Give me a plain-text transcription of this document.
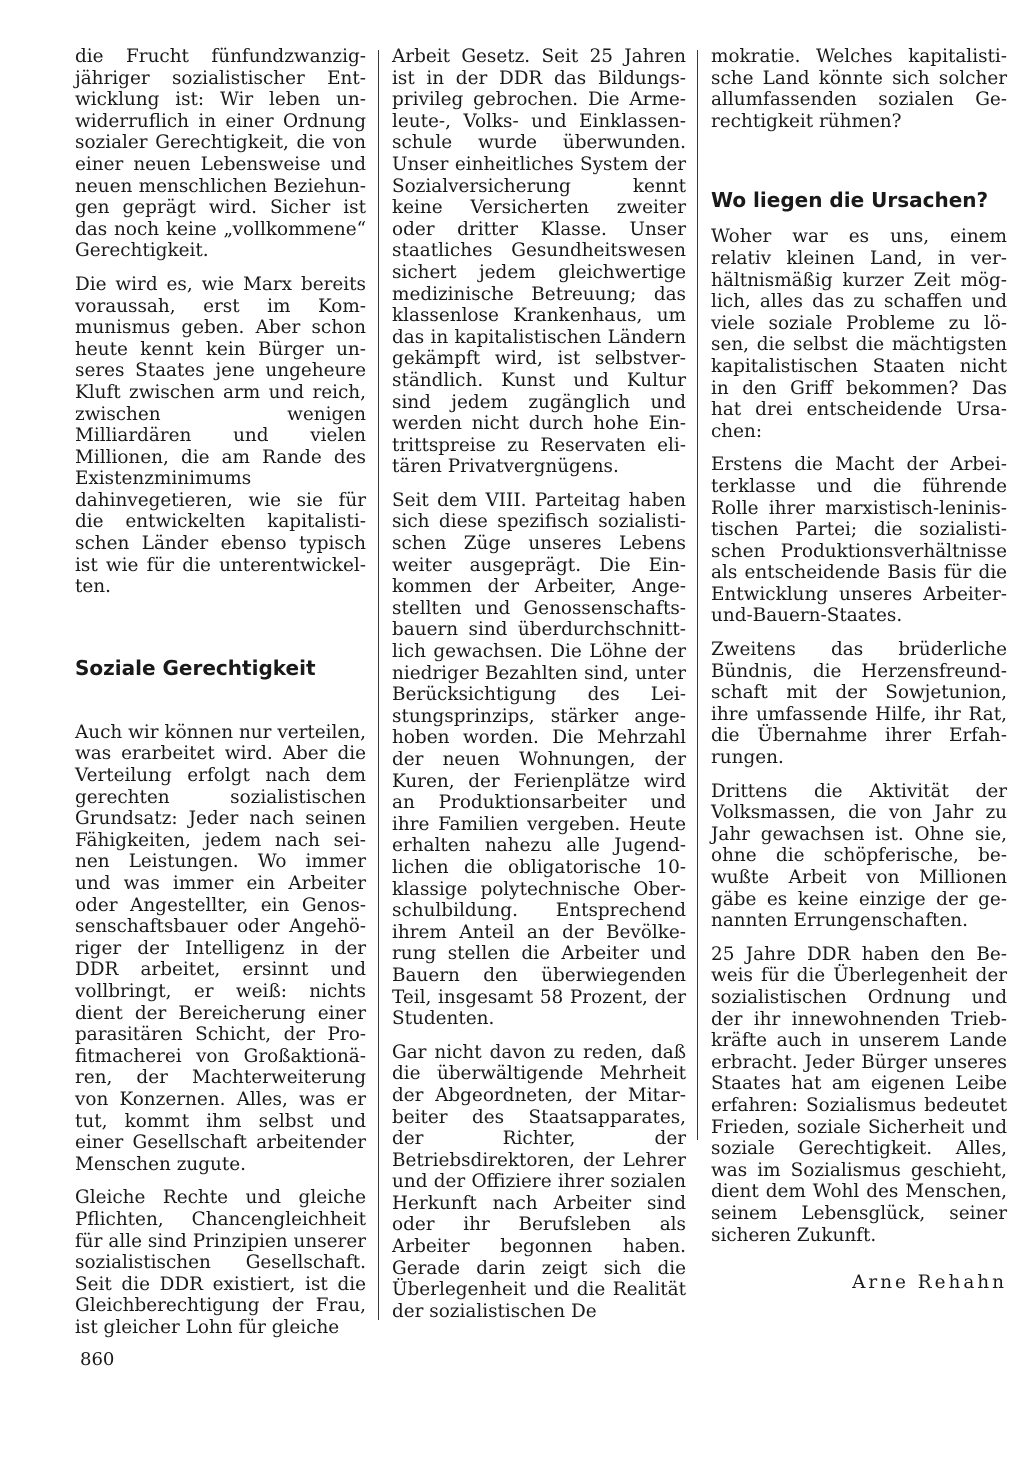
die Frucht fünfundzwanzigjähriger sozialistischer Entwicklung ist: Wir leben unwiderruflich in einer Ordnung sozialer Gerechtigkeit, die von einer neuen Lebensweise und neuen menschlichen Beziehungen geprägt wird. Sicher ist das noch keine „vollkommene“ Gerechtigkeit.

Die wird es, wie Marx bereits voraussah, erst im Kommunismus geben. Aber schon heute kennt kein Bürger unseres Staates jene ungeheure Kluft zwischen arm und reich, zwischen wenigen Milliardären und vielen Millionen, die am Rande des Existenzminimums dahinvegetieren, wie sie für die entwickelten kapitalistischen Länder ebenso typisch ist wie für die unterentwickelten.

Soziale Gerechtigkeit

Auch wir können nur verteilen, was erarbeitet wird. Aber die Verteilung erfolgt nach dem gerechten sozialistischen Grundsatz: Jeder nach seinen Fähigkeiten, jedem nach seinen Leistungen. Wo immer und was immer ein Arbeiter oder Angestellter, ein Genossenschaftsbauer oder Angehöriger der Intelligenz in der DDR arbeitet, ersinnt und vollbringt, er weiß: nichts dient der Bereicherung einer parasitären Schicht, der Profitmacherei von Großaktionären, der Machterweiterung von Konzernen. Alles, was er tut, kommt ihm selbst und einer Gesellschaft arbeitender Menschen zugute.

Gleiche Rechte und gleiche Pflichten, Chancengleichheit für alle sind Prinzipien unserer sozialistischen Gesellschaft. Seit die DDR existiert, ist die Gleichberechtigung der Frau, ist gleicher Lohn für gleiche

Arbeit Gesetz. Seit 25 Jahren ist in der DDR das Bildungsprivileg gebrochen. Die Armeleute-, Volks- und Einklassenschule wurde überwunden. Unser einheitliches System der Sozialversicherung kennt keine Versicherten zweiter oder dritter Klasse. Unser staatliches Gesundheitswesen sichert jedem gleichwertige medizinische Betreuung; das klassenlose Krankenhaus, um das in kapitalistischen Ländern gekämpft wird, ist selbstverständlich. Kunst und Kultur sind jedem zugänglich und werden nicht durch hohe Eintrittspreise zu Reservaten elitären Privatvergnügens.

Seit dem VIII. Parteitag haben sich diese spezifisch sozialistischen Züge unseres Lebens weiter ausgeprägt. Die Einkommen der Arbeiter, Angestellten und Genossenschaftsbauern sind überdurchschnittlich gewachsen. Die Löhne der niedriger Bezahlten sind, unter Berücksichtigung des Leistungsprinzips, stärker angehoben worden. Die Mehrzahl der neuen Wohnungen, der Kuren, der Ferienplätze wird an Produktionsarbeiter und ihre Familien vergeben. Heute erhalten nahezu alle Jugendlichen die obligatorische 10-klassige polytechnische Oberschulbildung. Entsprechend ihrem Anteil an der Bevölkerung stellen die Arbeiter und Bauern den überwiegenden Teil, insgesamt 58 Prozent, der Studenten.

Gar nicht davon zu reden, daß die überwältigende Mehrheit der Abgeordneten, der Mitarbeiter des Staatsapparates, der Richter, der Betriebsdirektoren, der Lehrer und der Offiziere ihrer sozialen Herkunft nach Arbeiter sind oder ihr Berufsleben als Arbeiter begonnen haben. Gerade darin zeigt sich die Überlegenheit und die Realität der sozialistischen De

mokratie. Welches kapitalistische Land könnte sich solcher allumfassenden sozialen Gerechtigkeit rühmen?

Wo liegen die Ursachen?

Woher war es uns, einem relativ kleinen Land, in verhältnismäßig kurzer Zeit möglich, alles das zu schaffen und viele soziale Probleme zu lösen, die selbst die mächtigsten kapitalistischen Staaten nicht in den Griff bekommen? Das hat drei entscheidende Ursachen:

Erstens die Macht der Arbeiterklasse und die führende Rolle ihrer marxistisch-leninistischen Partei; die sozialistischen Produktionsverhältnisse als entscheidende Basis für die Entwicklung unseres Arbeiter-und-Bauern-Staates.

Zweitens das brüderliche Bündnis, die Herzensfreundschaft mit der Sowjetunion, ihre umfassende Hilfe, ihr Rat, die Übernahme ihrer Erfahrungen.

Drittens die Aktivität der Volksmassen, die von Jahr zu Jahr gewachsen ist. Ohne sie, ohne die schöpferische, bewußte Arbeit von Millionen gäbe es keine einzige der genannten Errungenschaften.

25 Jahre DDR haben den Beweis für die Überlegenheit der sozialistischen Ordnung und der ihr innewohnenden Triebkräfte auch in unserem Lande erbracht. Jeder Bürger unseres Staates hat am eigenen Leibe erfahren: Sozialismus bedeutet Frieden, soziale Sicherheit und soziale Gerechtigkeit. Alles, was im Sozialismus geschieht, dient dem Wohl des Menschen, seinem Lebensglück, seiner sicheren Zukunft.

Arne Rehahn
860
